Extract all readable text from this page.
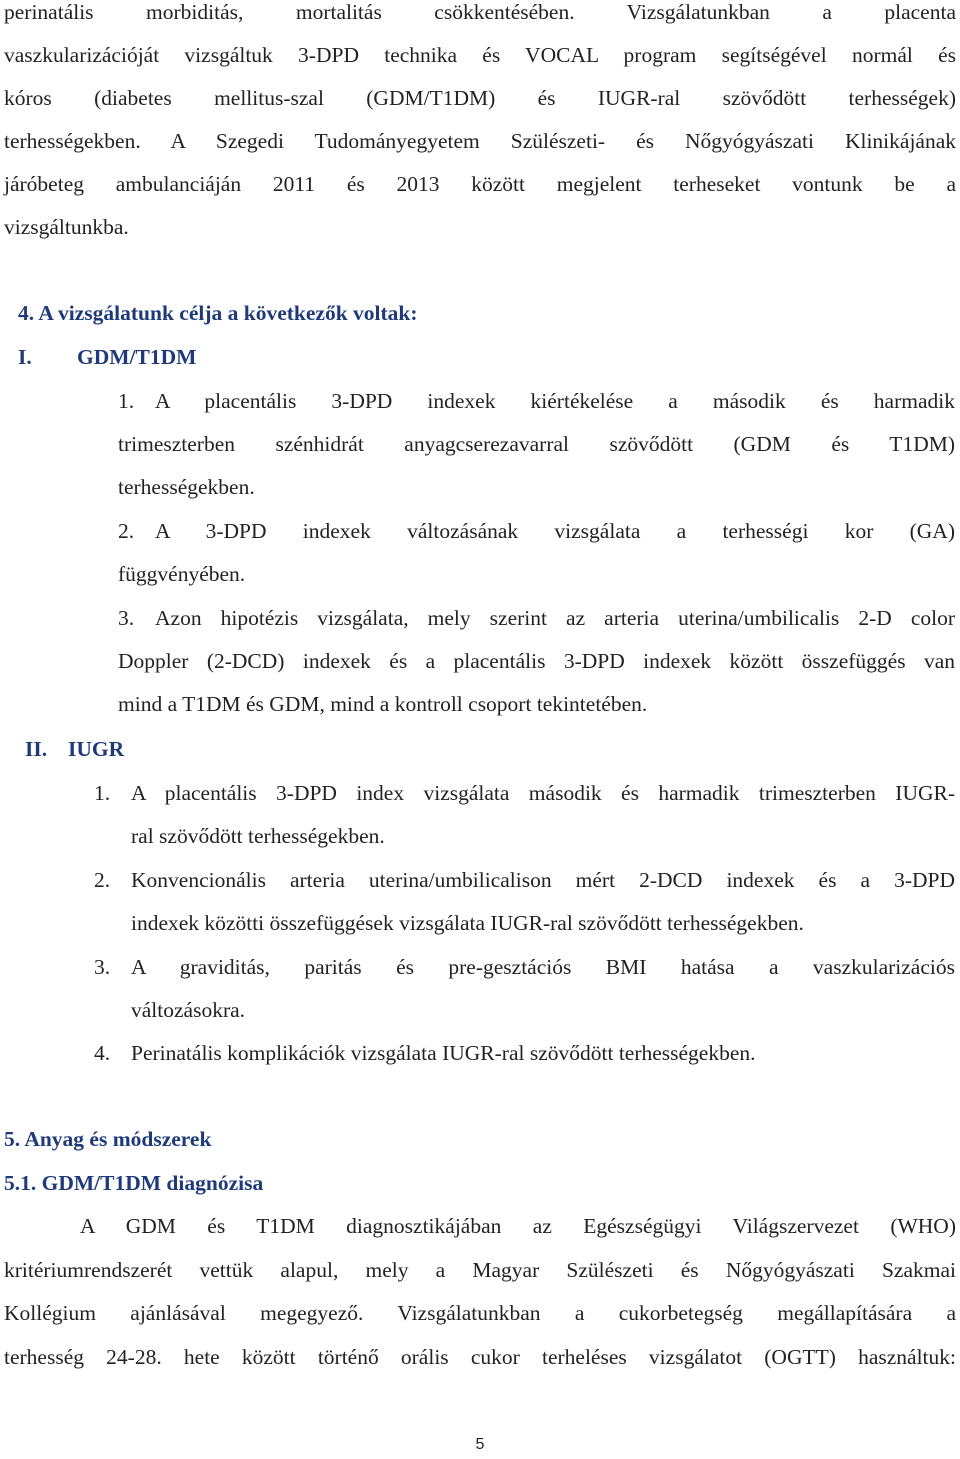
perinatális morbiditás, mortalitás csökkentésében. Vizsgálatunkban a placenta
vaszkularizációját vizsgáltuk 3-DPD technika és VOCAL program segítségével normál és
kóros (diabetes mellitus-szal (GDM/T1DM) és IUGR-ral szövődött terhességek)
terhességekben. A Szegedi Tudományegyetem Szülészeti- és Nőgyógyászati Klinikájának
járóbeteg ambulanciáján 2011 és 2013 között megjelent terheseket vontunk be a
vizsgáltunkba.
4. A vizsgálatunk célja a következők voltak:
I. GDM/T1DM
1. A placentális 3-DPD indexek kiértékelése a második és harmadik
trimeszterben szénhidrát anyagcserezavarral szövődött (GDM és T1DM)
terhességekben.
2. A 3-DPD indexek változásának vizsgálata a terhességi kor (GA)
függvényében.
3. Azon hipotézis vizsgálata, mely szerint az arteria uterina/umbilicalis 2-D color
Doppler (2-DCD) indexek és a placentális 3-DPD indexek között összefüggés van
mind a T1DM és GDM, mind a kontroll csoport tekintetében.
II. IUGR
1. A placentális 3-DPD index vizsgálata második és harmadik trimeszterben IUGR-
ral szövődött terhességekben.
2. Konvencionális arteria uterina/umbilicalison mért 2-DCD indexek és a 3-DPD
indexek közötti összefüggések vizsgálata IUGR-ral szövődött terhességekben.
3. A graviditás, paritás és pre-gesztációs BMI hatása a vaszkularizációs
változásokra.
4. Perinatális komplikációk vizsgálata IUGR-ral szövődött terhességekben.
5. Anyag és módszerek
5.1. GDM/T1DM diagnózisa
A GDM és T1DM diagnosztikájában az Egészségügyi Világszervezet (WHO)
kritériumrendszerét vettük alapul, mely a Magyar Szülészeti és Nőgyógyászati Szakmai
Kollégium ajánlásával megegyező. Vizsgálatunkban a cukorbetegség megállapítására a
terhesség 24-28. hete között történő orális cukor terheléses vizsgálatot (OGTT) használtuk:
5
